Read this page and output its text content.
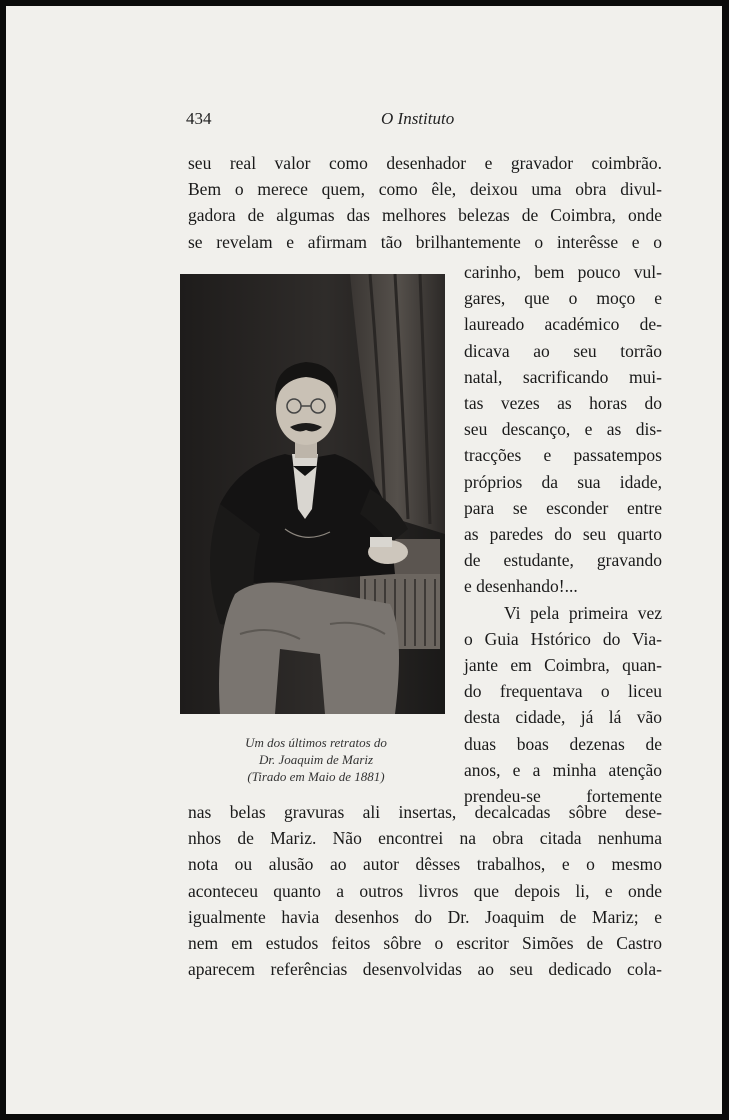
434	O Instituto
seu real valor como desenhador e gravador coimbrão.
Bem o merece quem, como êle, deixou uma obra divul-
gadora de algumas das melhores belezas de Coimbra, onde
se revelam e afirmam tão brilhantemente o interêsse e o
carinho, bem pouco vul-
gares, que o moço e
laureado académico de-
dicava ao seu torrão
natal, sacrificando mui-
tas vezes as horas do
seu descanço, e as dis-
tracções e passatempos
próprios da sua idade,
para se esconder entre
as paredes do seu quarto
de estudante, gravando
e desenhando!...
Vi pela primeira vez
o Guia Hstórico do Via-
jante em Coimbra, quan-
do frequentava o liceu
desta cidade, já lá vão
duas boas dezenas de
anos, e a minha atenção
prendeu-se fortemente
Um dos últimos retratos do
Dr. Joaquim de Mariz
(Tirado em Maio de 1881)
nas belas gravuras ali insertas, decalcadas sôbre dese-
nhos de Mariz. Não encontrei na obra citada nenhuma
nota ou alusão ao autor dêsses trabalhos, e o mesmo
aconteceu quanto a outros livros que depois li, e onde
igualmente havia desenhos do Dr. Joaquim de Mariz; e
nem em estudos feitos sôbre o escritor Simões de Castro
aparecem referências desenvolvidas ao seu dedicado cola-
